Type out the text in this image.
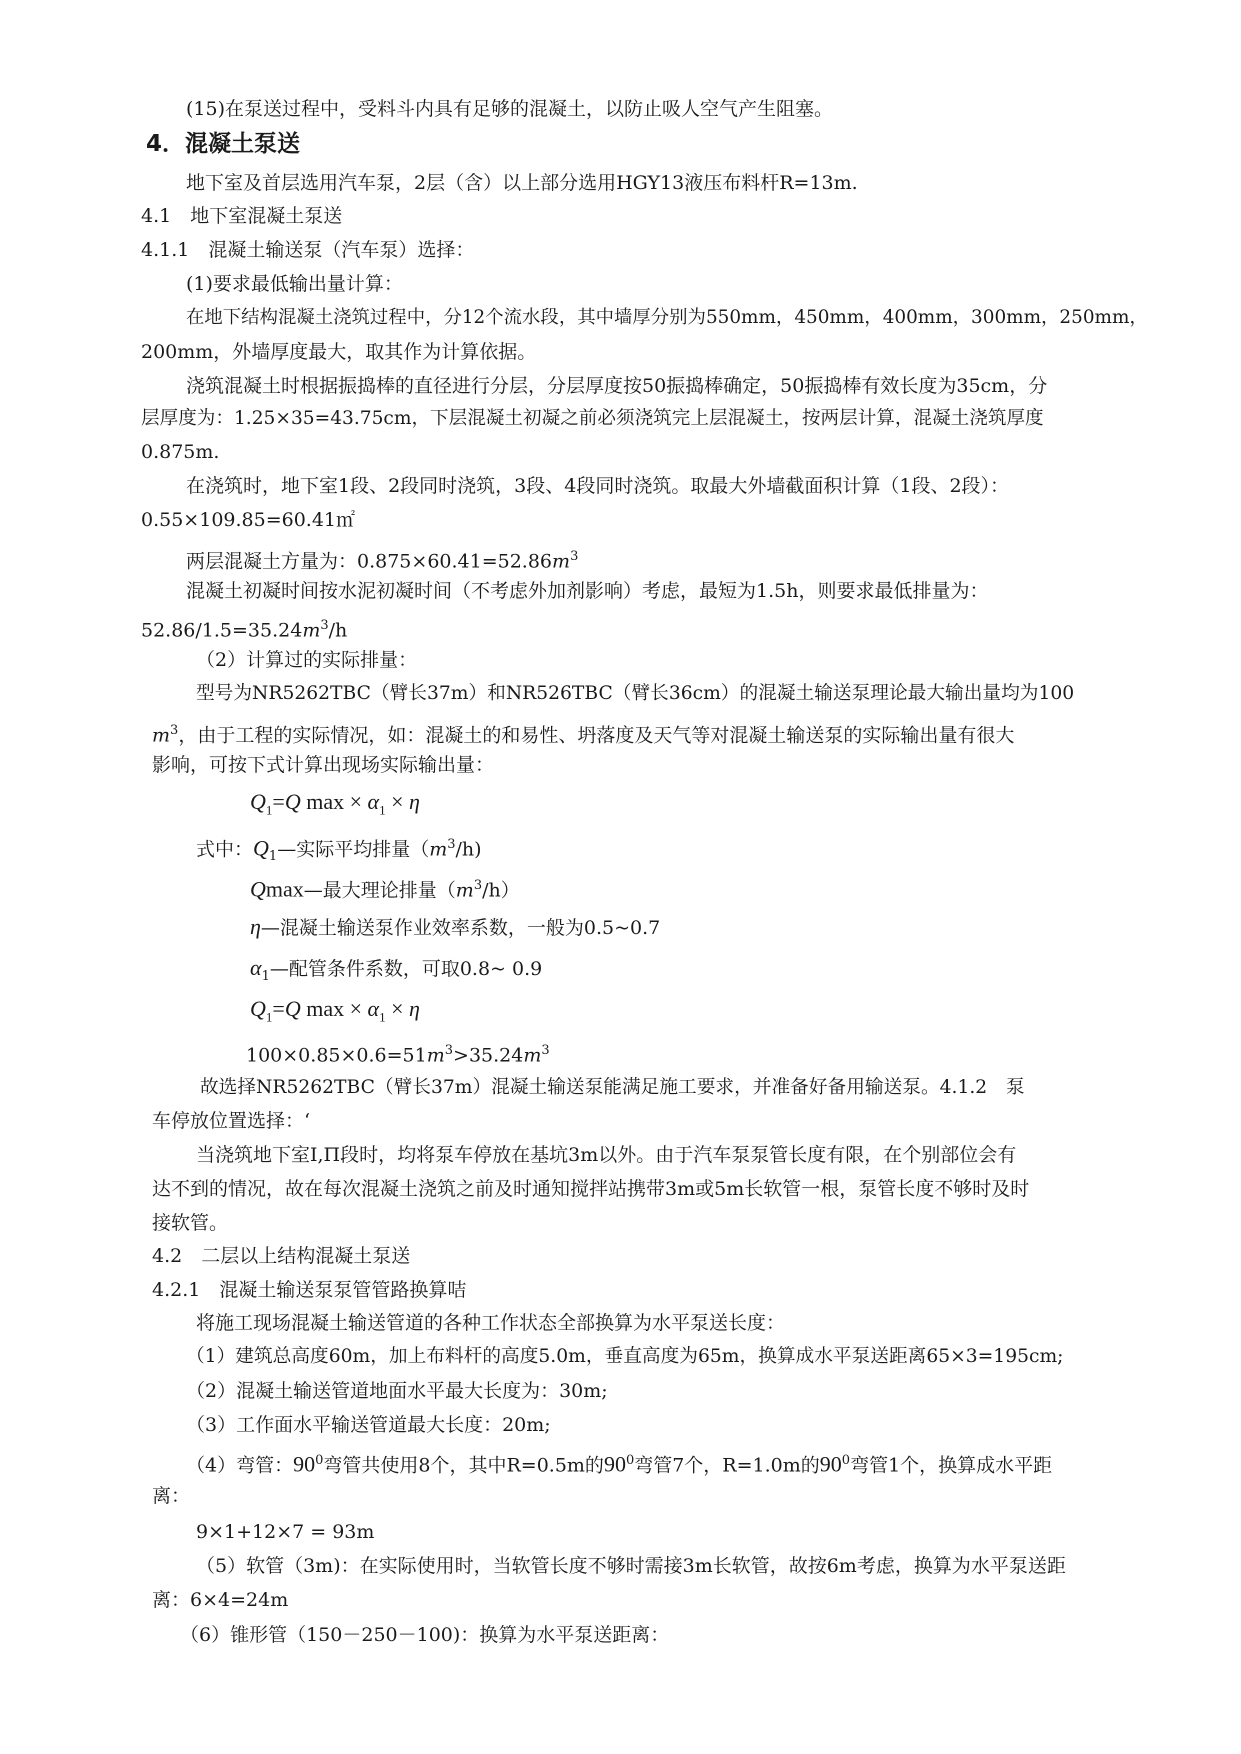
(15)在泵送过程中，受料斗内具有足够的混凝土，以防止吸人空气产生阻塞。
4．混凝土泵送
地下室及首层选用汽车泵，2层（含）以上部分选用HGY13液压布料杆R=13m.
4.1　地下室混凝土泵送
4.1.1　混凝土输送泵（汽车泵）选择：
(1)要求最低输出量计算：
在地下结构混凝土浇筑过程中，分12个流水段，其中墙厚分别为550mm，450mm，400mm，300mm，250mm，
200mm，外墙厚度最大，取其作为计算依据。
浇筑混凝土时根据振捣棒的直径进行分层，分层厚度按50振捣棒确定，50振捣棒有效长度为35cm，分
层厚度为：1.25×35=43.75cm，下层混凝土初凝之前必须浇筑完上层混凝土，按两层计算，混凝土浇筑厚度
0.875m.
在浇筑时，地下室1段、2段同时浇筑，3段、4段同时浇筑。取最大外墙截面积计算（1段、2段）：
0.55×109.85=60.41㎡
两层混凝土方量为：$0.875\times 60.41=52.86m^3$
混凝土初凝时间按水泥初凝时间（不考虑外加剂影响）考虑，最短为1.5h，则要求最低排量为：
$52.86/1.5=35.24m^3/h$
（2）计算过的实际排量：
型号为NR5262TBC（臂长37m）和NR526TBC（臂长36cm）的混凝土输送泵理论最大输出量均为100
$m^3$，由于工程的实际情况，如：混凝土的和易性、坍落度及天气等对混凝土输送泵的实际输出量有很大
影响，可按下式计算出现场实际输出量：
$Q_1=Q$ $\max \times \alpha_1 \times \eta$
式中：$Q_1—$实际平均排量$(m^3/h)$
Qmax—最大理论排量$(m^3/h)$
η—混凝土输送泵作业效率系数，一般为0.5~0.7
$\alpha_1—$配管条件系数，可取0.8~ 0.9
$Q_1=Q$ $\max \times \alpha_1 \times \eta$
$100\times 0.85\times 0.6=51m^3>35.24m^3$
故选择NR5262TBC（臂长37m）混凝土输送泵能满足施工要求，并准备好备用输送泵。4.1.2　泵
车停放位置选择：‘
当浇筑地下室Ⅰ,Π段时，均将泵车停放在基坑3m以外。由于汽车泵泵管长度有限，在个别部位会有
达不到的情况，故在每次混凝土浇筑之前及时通知搅拌站携带3m或5m长软管一根，泵管长度不够时及时
接软管。
4.2　二层以上结构混凝土泵送
4.2.1　混凝土输送泵泵管管路换算咭
将施工现场混凝土输送管道的各种工作状态全部换算为水平泵送长度：
（1）建筑总高度60m，加上布料杆的高度5.0m，垂直高度为65m，换算成水平泵送距离65×3=195cm;
（2）混凝土输送管道地面水平最大长度为：30m;
（3）工作面水平输送管道最大长度：20m;
（4）弯管：$90^0$弯管共使用8个，其中R=0.5m的$90^0$弯管7个，R=1.0m的$90^0$弯管1个，换算成水平距
离：
9×1+12×7 = 93m
（5）软管（3m)：在实际使用时，当软管长度不够时需接3m长软管，故按6m考虑，换算为水平泵送距
离：6×4=24m
（6）锥形管（150－250－100)：换算为水平泵送距离：
